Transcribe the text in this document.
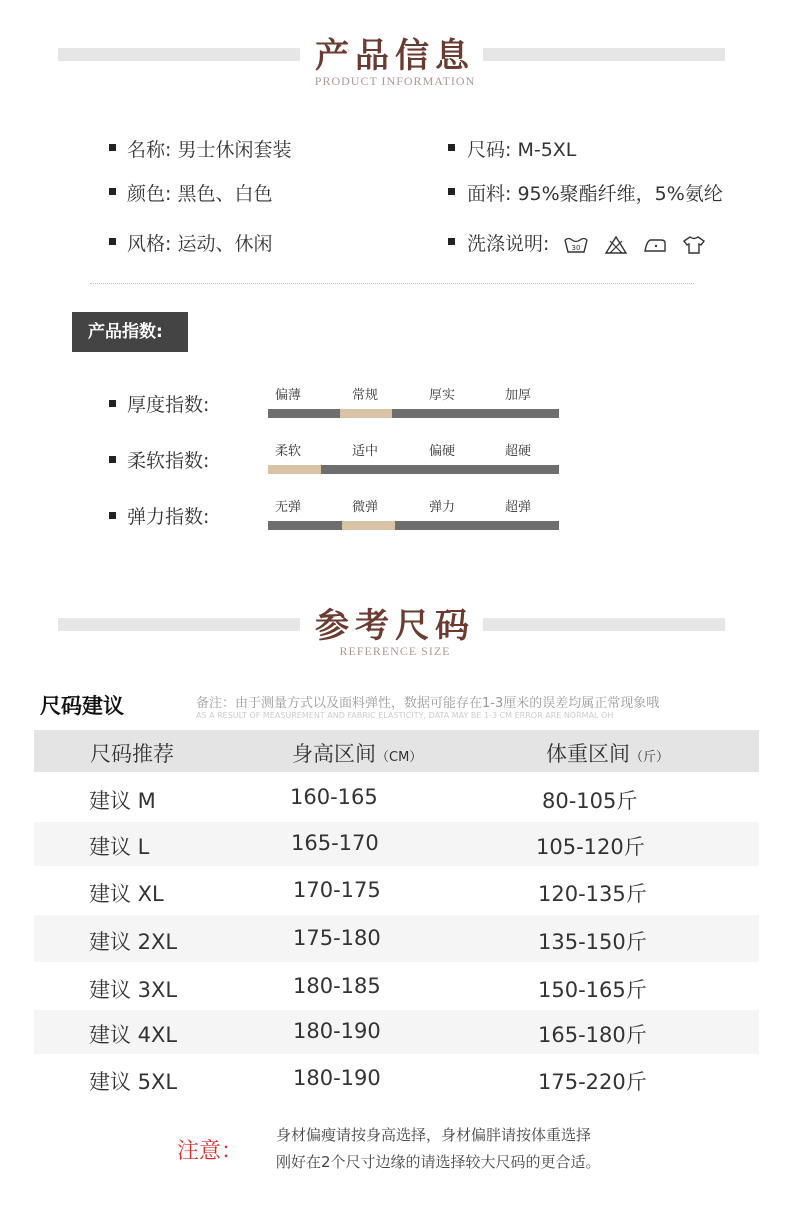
产品信息
PRODUCT INFORMATION
名称: 男士休闲套装	尺码: M-5XL
颜色: 黑色、白色	面料: 95%聚酯纤维，5%氨纶
风格: 运动、休闲	洗涤说明:	30

产品指数:
厚度指数:	偏薄	常规	厚实	加厚
柔软指数:	柔软	适中	偏硬	超硬
弹力指数:	无弹	微弹	弹力	超弹
参考尺码
REFERENCE SIZE
尺码建议	备注：由于测量方式以及面料弹性，数据可能存在1-3厘米的误差均属正常现象哦
AS A RESULT OF MEASUREMENT AND FABRIC ELASTICITY, DATA MAY BE 1-3 CM ERROR ARE NORMAL OH
尺码推荐	身高区间（CM）	体重区间（斤）
建议 M	160-165	80-105斤
建议 L	165-170	105-120斤
建议 XL	170-175	120-135斤
建议 2XL	175-180	135-150斤
建议 3XL	180-185	150-165斤
建议 4XL	180-190	165-180斤
建议 5XL	180-190	175-220斤
注意：
身材偏瘦请按身高选择，身材偏胖请按体重选择
刚好在2个尺寸边缘的请选择较大尺码的更合适。
